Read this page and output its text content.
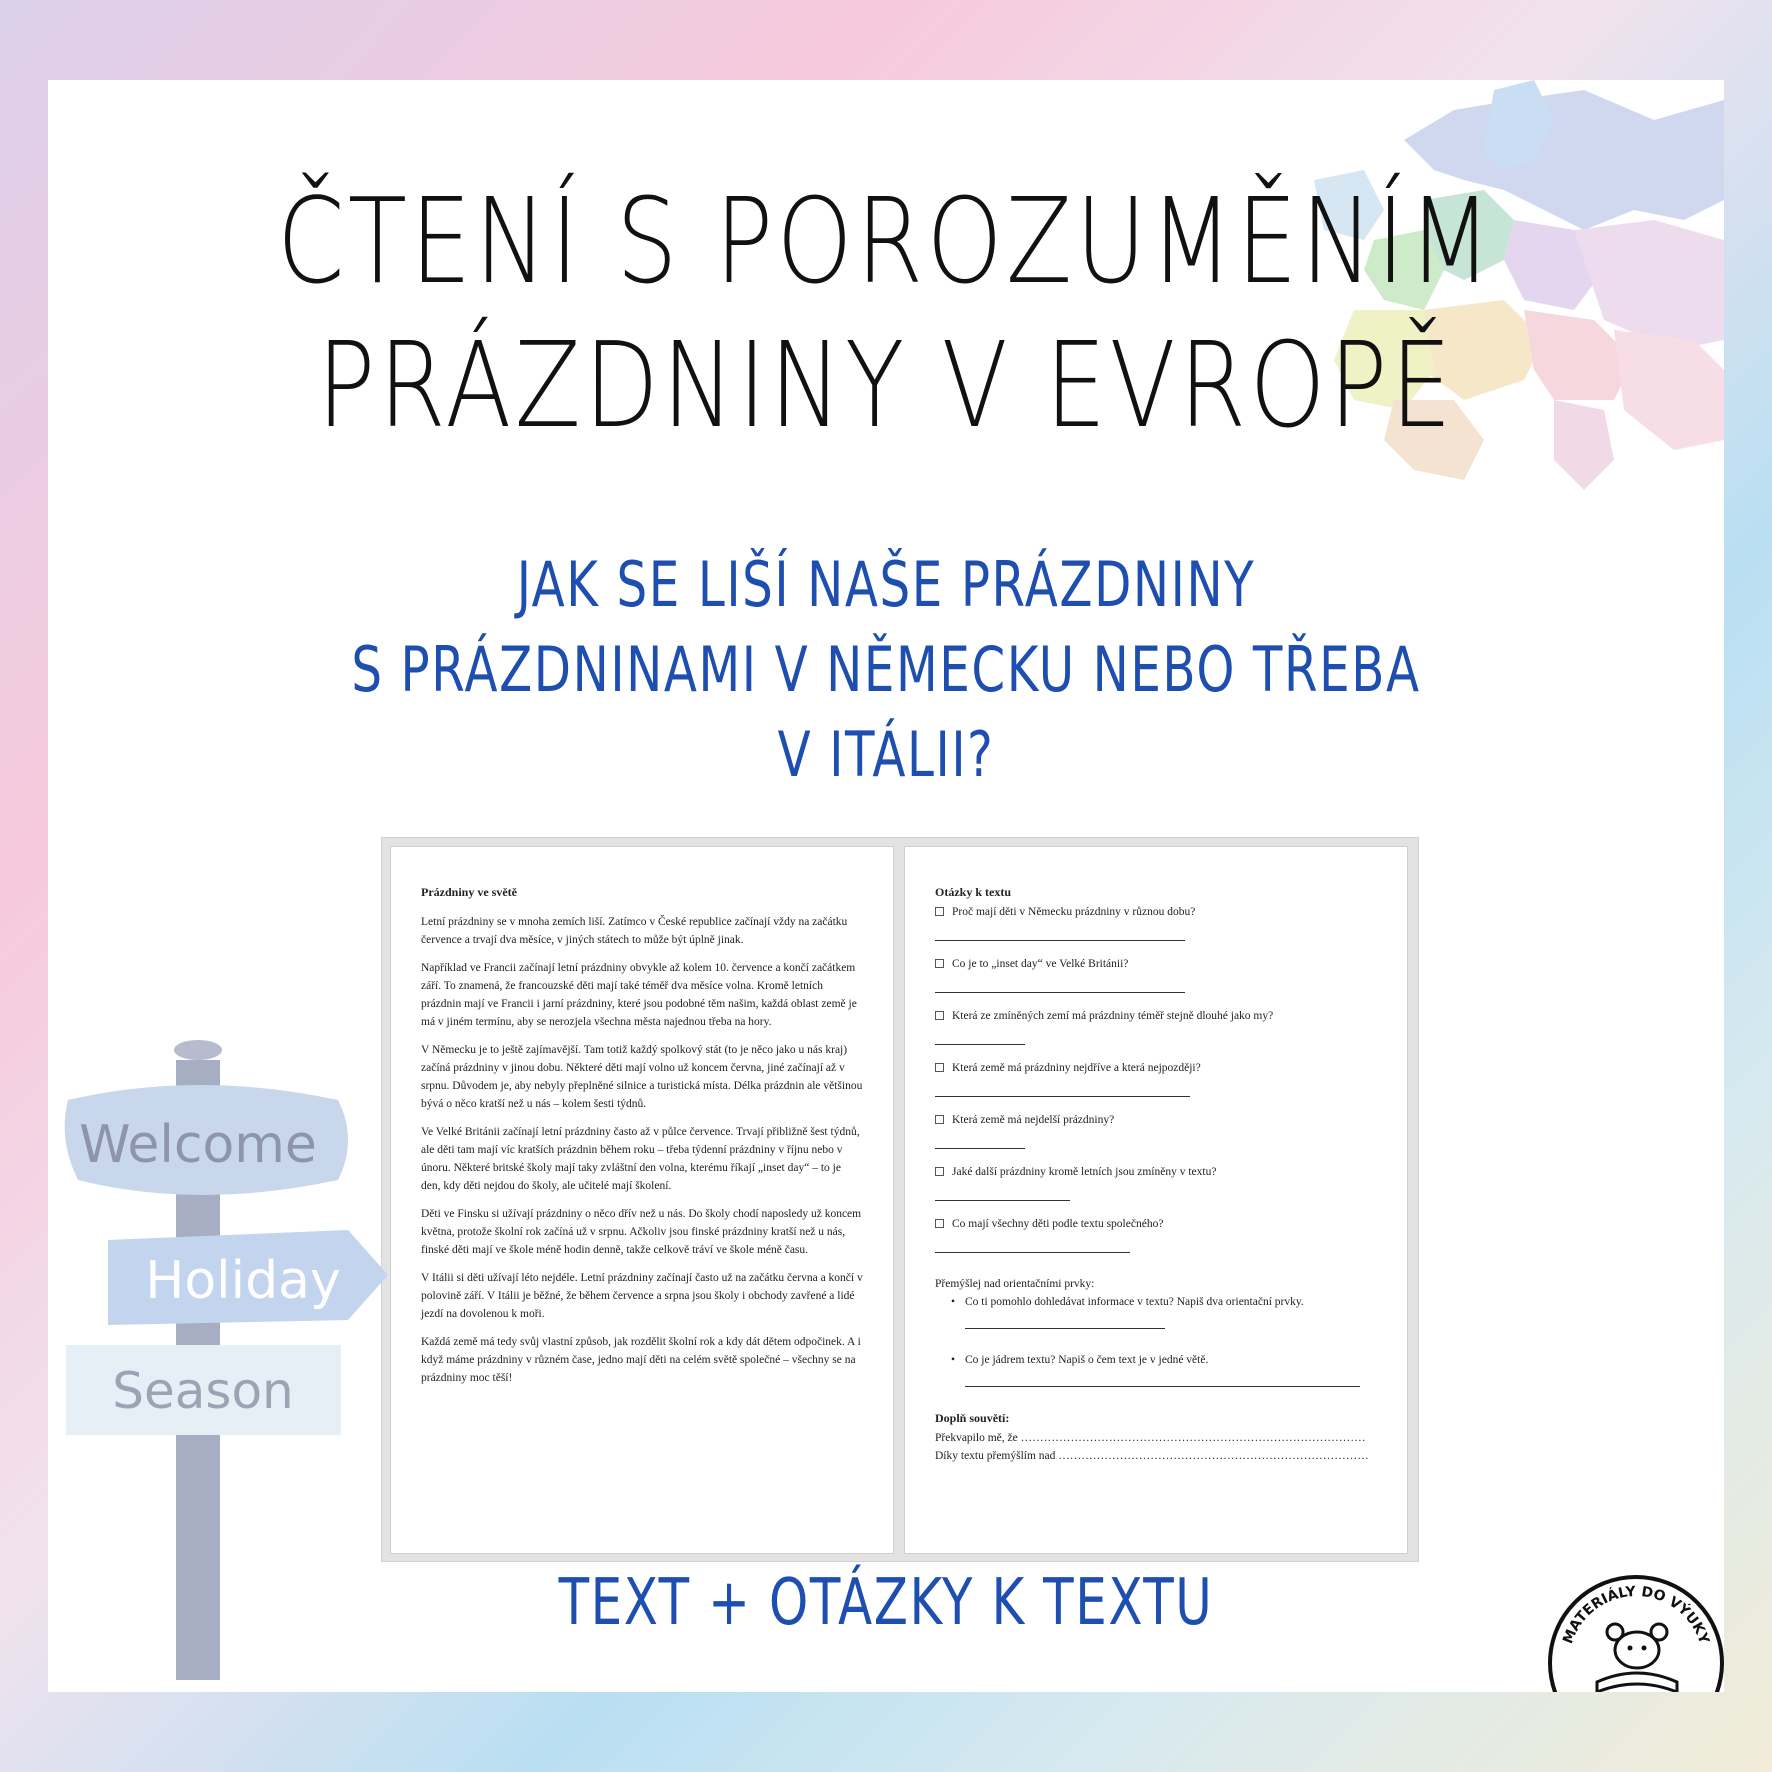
ČTENÍ S POROZUMĚNÍM
PRÁZDNINY V EVROPĚ
JAK SE LIŠÍ NAŠE PRÁZDNINY
S PRÁZDNINAMI V NĚMECKU NEBO TŘEBA
V ITÁLII?
Prázdniny ve světě

Letní prázdniny se v mnoha zemích liší. Zatímco v České republice začínají vždy na začátku července a trvají dva měsíce, v jiných státech to může být úplně jinak.

Například ve Francii začínají letní prázdniny obvykle až kolem 10. července a končí začátkem září. To znamená, že francouzské děti mají také téměř dva měsíce volna. Kromě letních prázdnin mají ve Francii i jarní prázdniny, které jsou podobné těm našim, každá oblast země je má v jiném termínu, aby se nerozjela všechna města najednou třeba na hory.

V Německu je to ještě zajímavější. Tam totiž každý spolkový stát (to je něco jako u nás kraj) začíná prázdniny v jinou dobu. Některé děti mají volno už koncem června, jiné začínají až v srpnu. Důvodem je, aby nebyly přeplněné silnice a turistická místa. Délka prázdnin ale většinou bývá o něco kratší než u nás – kolem šesti týdnů.

Ve Velké Británii začínají letní prázdniny často až v půlce července. Trvají přibližně šest týdnů, ale děti tam mají víc kratších prázdnin během roku – třeba týdenní prázdniny v říjnu nebo v únoru. Některé britské školy mají taky zvláštní den volna, kterému říkají „inset day“ – to je den, kdy děti nejdou do školy, ale učitelé mají školení.

Děti ve Finsku si užívají prázdniny o něco dřív než u nás. Do školy chodí naposledy už koncem května, protože školní rok začíná už v srpnu. Ačkoliv jsou finské prázdniny kratší než u nás, finské děti mají ve škole méně hodin denně, takže celkově tráví ve škole méně času.

V Itálii si děti užívají léto nejdéle. Letní prázdniny začínají často už na začátku června a končí v polovině září. V Itálii je běžné, že během července a srpna jsou školy i obchody zavřené a lidé jezdí na dovolenou k moři.

Každá země má tedy svůj vlastní způsob, jak rozdělit školní rok a kdy dát dětem odpočinek. A i když máme prázdniny v různém čase, jedno mají děti na celém světě společné – všechny se na prázdniny moc těší!

Otázky k textu
Proč mají děti v Německu prázdniny v různou dobu?
Co je to „inset day“ ve Velké Británii?
Která ze zmíněných zemí má prázdniny téměř stejně dlouhé jako my?
Která země má prázdniny nejdříve a která nejpozději?
Která země má nejdelší prázdniny?
Jaké další prázdniny kromě letních jsou zmíněny v textu?
Co mají všechny děti podle textu společného?
Přemýšlej nad orientačními prvky:
• Co ti pomohlo dohledávat informace v textu? Napiš dva orientační prvky.
• Co je jádrem textu? Napiš o čem text je v jedné větě.
Doplň souvětí:
Překvapilo mě, že ………………………………………………………………………………
Díky textu přemýšlím nad ………………………………………………………………………
TEXT + OTÁZKY K TEXTU
Welcome
Holiday
Season
MATERIÁLY DO VÝUKY
VAČICE
Z LAVICE
